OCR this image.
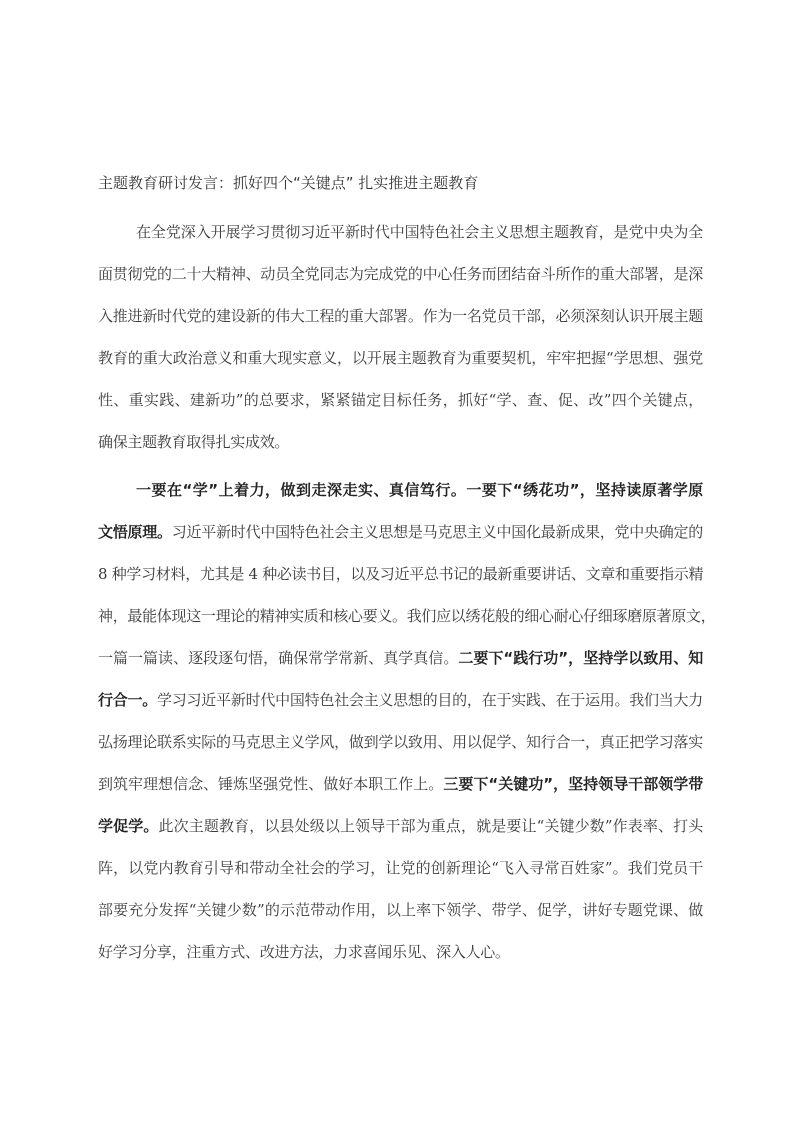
主题教育研讨发言：抓好四个“关键点” 扎实推进主题教育
在全党深入开展学习贯彻习近平新时代中国特色社会主义思想主题教育，是党中央为全
面贯彻党的二十大精神、动员全党同志为完成党的中心任务而团结奋斗所作的重大部署，是深
入推进新时代党的建设新的伟大工程的重大部署。作为一名党员干部，必须深刻认识开展主题
教育的重大政治意义和重大现实意义，以开展主题教育为重要契机，牢牢把握“学思想、强党
性、重实践、建新功”的总要求，紧紧锚定目标任务，抓好“学、查、促、改”四个关键点，
确保主题教育取得扎实成效。
一要在“学”上着力，做到走深走实、真信笃行。一要下“绣花功”，坚持读原著学原
文悟原理。习近平新时代中国特色社会主义思想是马克思主义中国化最新成果，党中央确定的
8 种学习材料，尤其是 4 种必读书目，以及习近平总书记的最新重要讲话、文章和重要指示精
神，最能体现这一理论的精神实质和核心要义。我们应以绣花般的细心耐心仔细琢磨原著原文，
一篇一篇读、逐段逐句悟，确保常学常新、真学真信。二要下“践行功”，坚持学以致用、知
行合一。学习习近平新时代中国特色社会主义思想的目的，在于实践、在于运用。我们当大力
弘扬理论联系实际的马克思主义学风，做到学以致用、用以促学、知行合一，真正把学习落实
到筑牢理想信念、锤炼坚强党性、做好本职工作上。三要下“关键功”，坚持领导干部领学带
学促学。此次主题教育，以县处级以上领导干部为重点，就是要让“关键少数”作表率、打头
阵，以党内教育引导和带动全社会的学习，让党的创新理论“飞入寻常百姓家”。我们党员干
部要充分发挥“关键少数”的示范带动作用，以上率下领学、带学、促学，讲好专题党课、做
好学习分享，注重方式、改进方法，力求喜闻乐见、深入人心。
